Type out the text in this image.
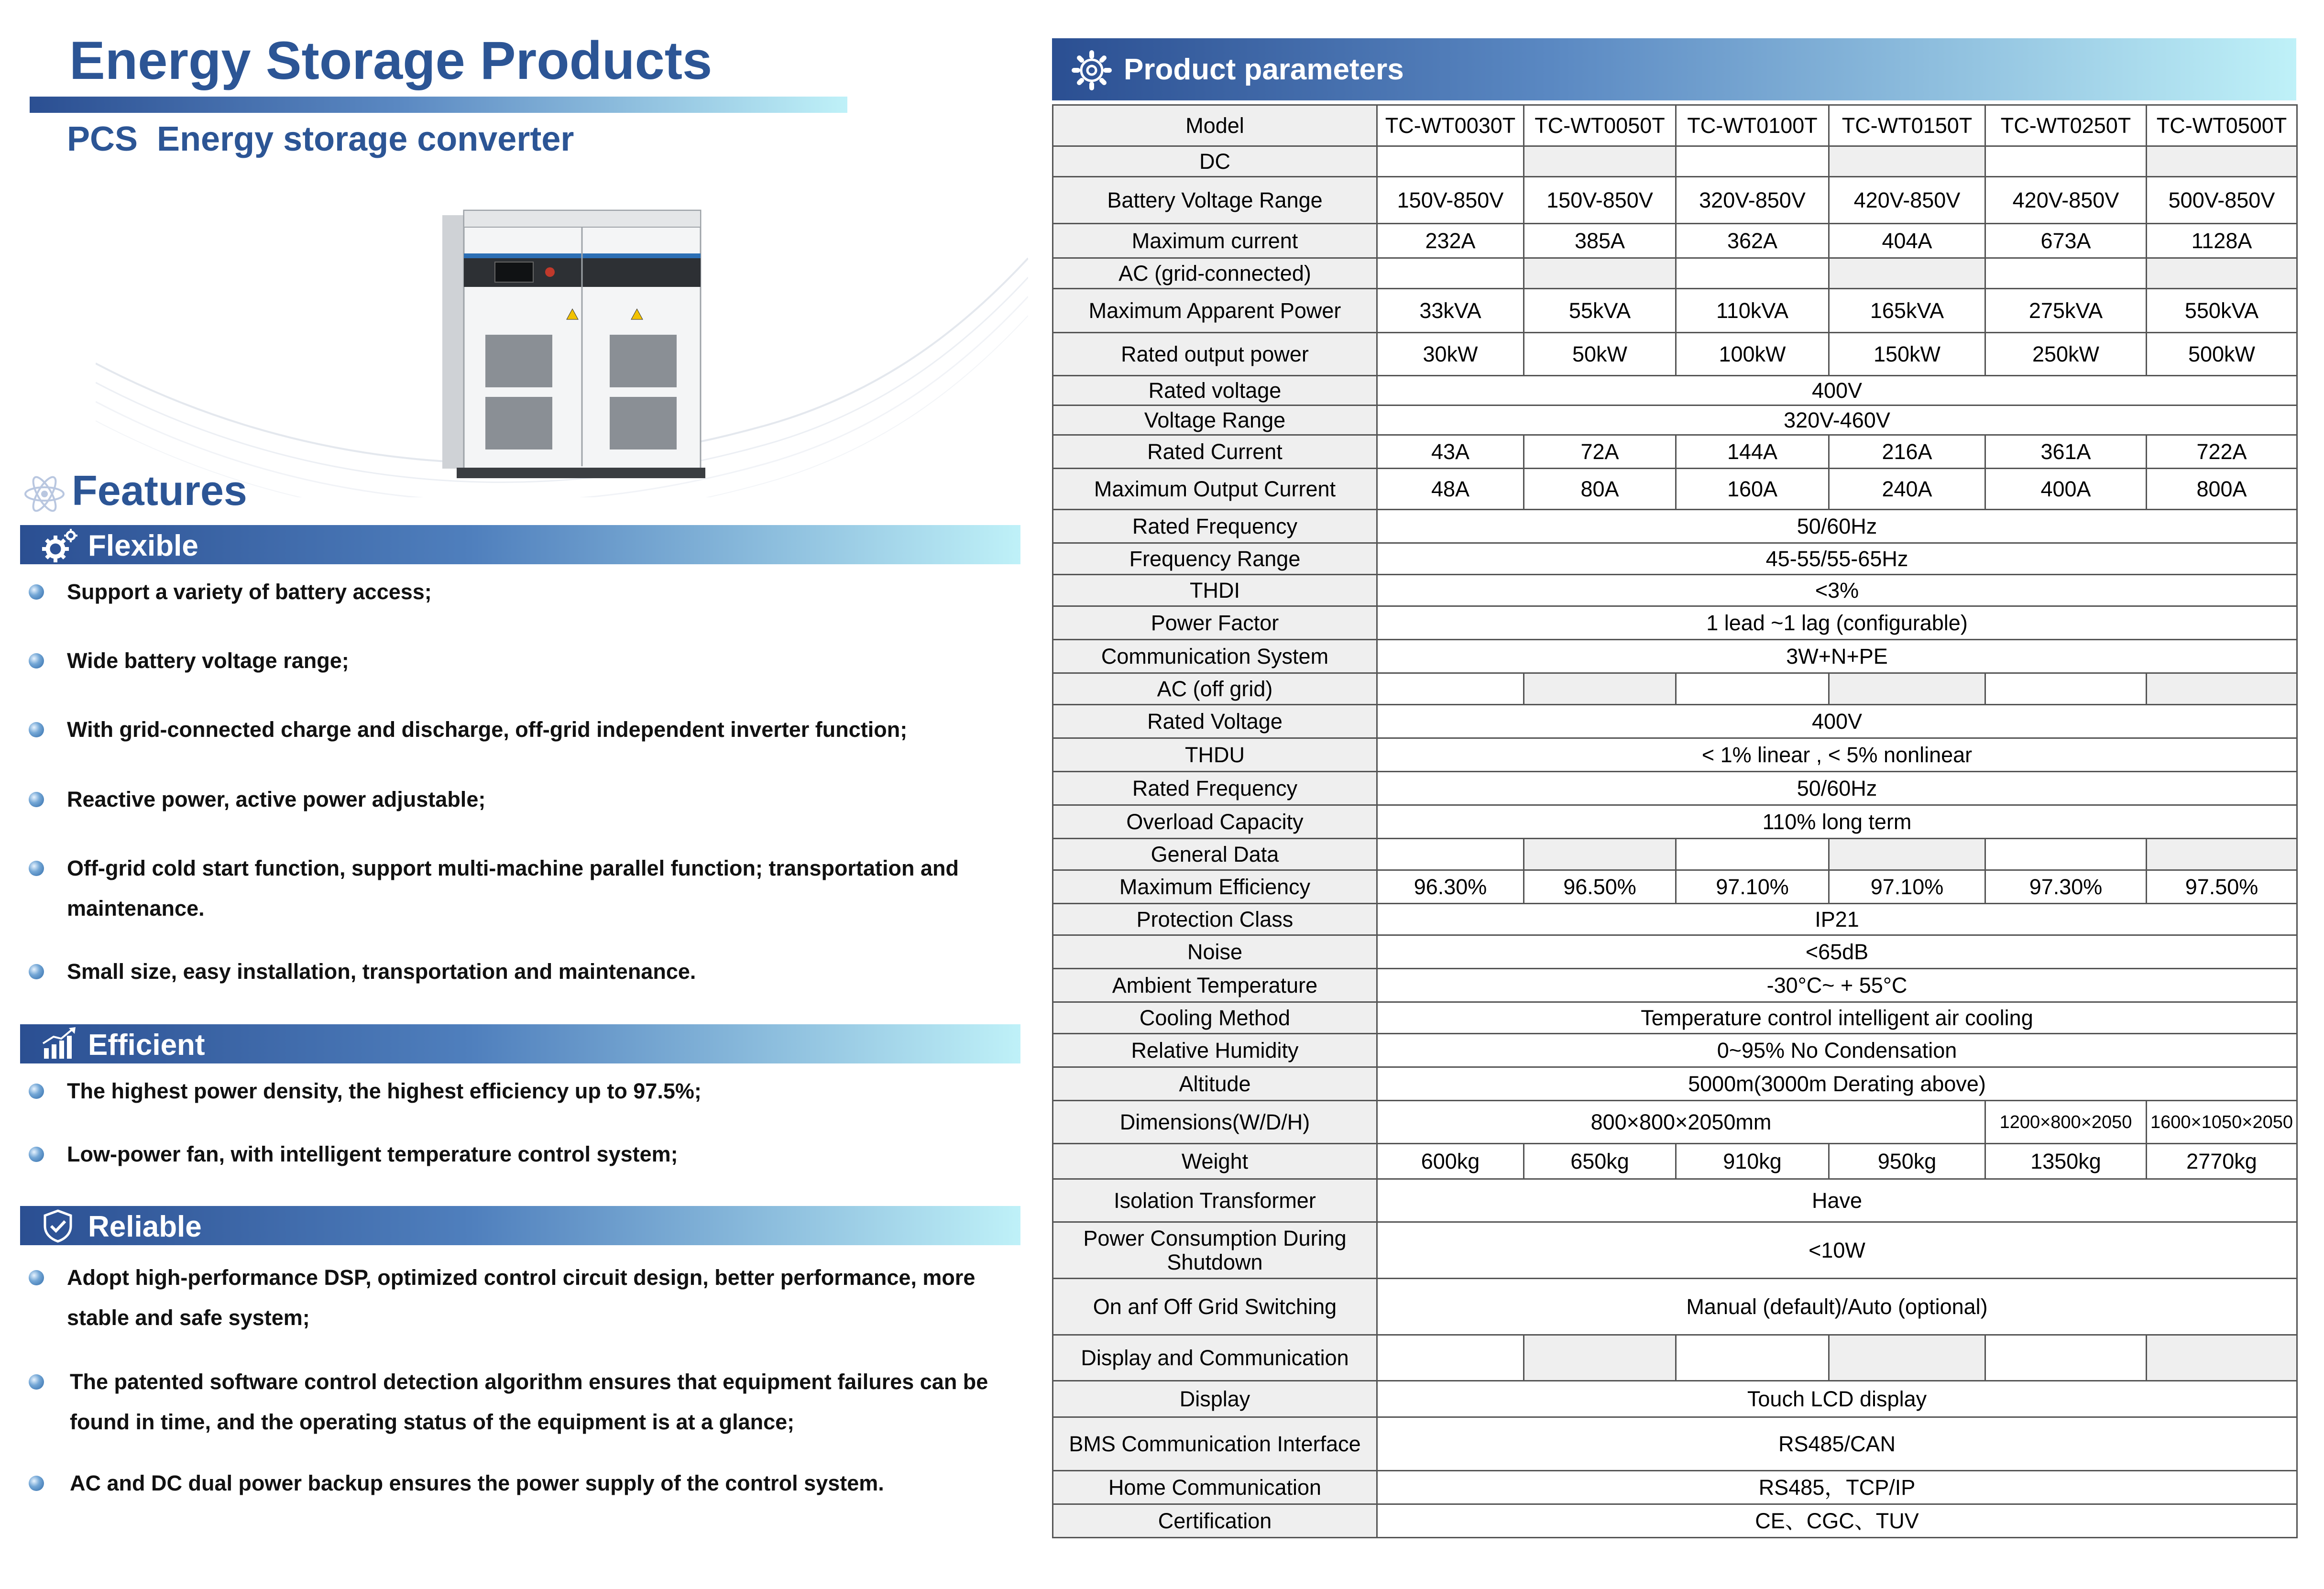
Energy Storage Products
PCS  Energy storage converter
Features
Flexible
Support a variety of battery access;
Wide battery voltage range;
With grid-connected charge and discharge, off-grid independent inverter function;
Reactive power, active power adjustable;
Off-grid cold start function, support multi-machine parallel function; transportation and maintenance.
Small size, easy installation, transportation and maintenance.
Efficient
The highest power density, the highest efficiency up to 97.5%;
Low-power fan, with intelligent temperature control system;
Reliable
Adopt high-performance DSP, optimized control circuit design, better performance, more stable and safe system;
The patented software control detection algorithm ensures that equipment failures can be found in time, and the operating status of the equipment is at a glance;
AC and DC dual power backup ensures the power supply of the control system.
Product parameters
Model	TC-WT0030T	TC-WT0050T	TC-WT0100T	TC-WT0150T	TC-WT0250T	TC-WT0500T
DC						
Battery Voltage Range	150V-850V	150V-850V	320V-850V	420V-850V	420V-850V	500V-850V
Maximum current	232A	385A	362A	404A	673A	1128A
AC (grid-connected)						
Maximum Apparent Power	33kVA	55kVA	110kVA	165kVA	275kVA	550kVA
Rated output power	30kW	50kW	100kW	150kW	250kW	500kW
Rated voltage	400V					
Voltage Range	320V-460V					
Rated Current	43A	72A	144A	216A	361A	722A
Maximum Output Current	48A	80A	160A	240A	400A	800A
Rated Frequency	50/60Hz					
Frequency Range	45-55/55-65Hz					
THDI	<3%					
Power Factor	1 lead ~1 lag (configurable)					
Communication System	3W+N+PE					
AC (off grid)						
Rated Voltage	400V					
THDU	< 1% linear , < 5% nonlinear					
Rated Frequency	50/60Hz					
Overload Capacity	110% long term					
General Data						
Maximum Efficiency	96.30%	96.50%	97.10%	97.10%	97.30%	97.50%
Protection Class	IP21					
Noise	<65dB					
Ambient Temperature	-30°C~ + 55°C					
Cooling Method	Temperature control intelligent air cooling					
Relative Humidity	0~95% No Condensation					
Altitude	5000m(3000m Derating above)					
Dimensions(W/D/H)	800×800×2050mm				1200×800×2050	1600×1050×2050
Weight	600kg	650kg	910kg	950kg	1350kg	2770kg
Isolation Transformer	Have					
Power Consumption During Shutdown	<10W					
On anf Off Grid Switching	Manual (default)/Auto (optional)					
Display and Communication						
Display	Touch LCD display					
BMS Communication Interface	RS485/CAN					
Home Communication	RS485，TCP/IP					
Certification	CE、CGC、TUV					
